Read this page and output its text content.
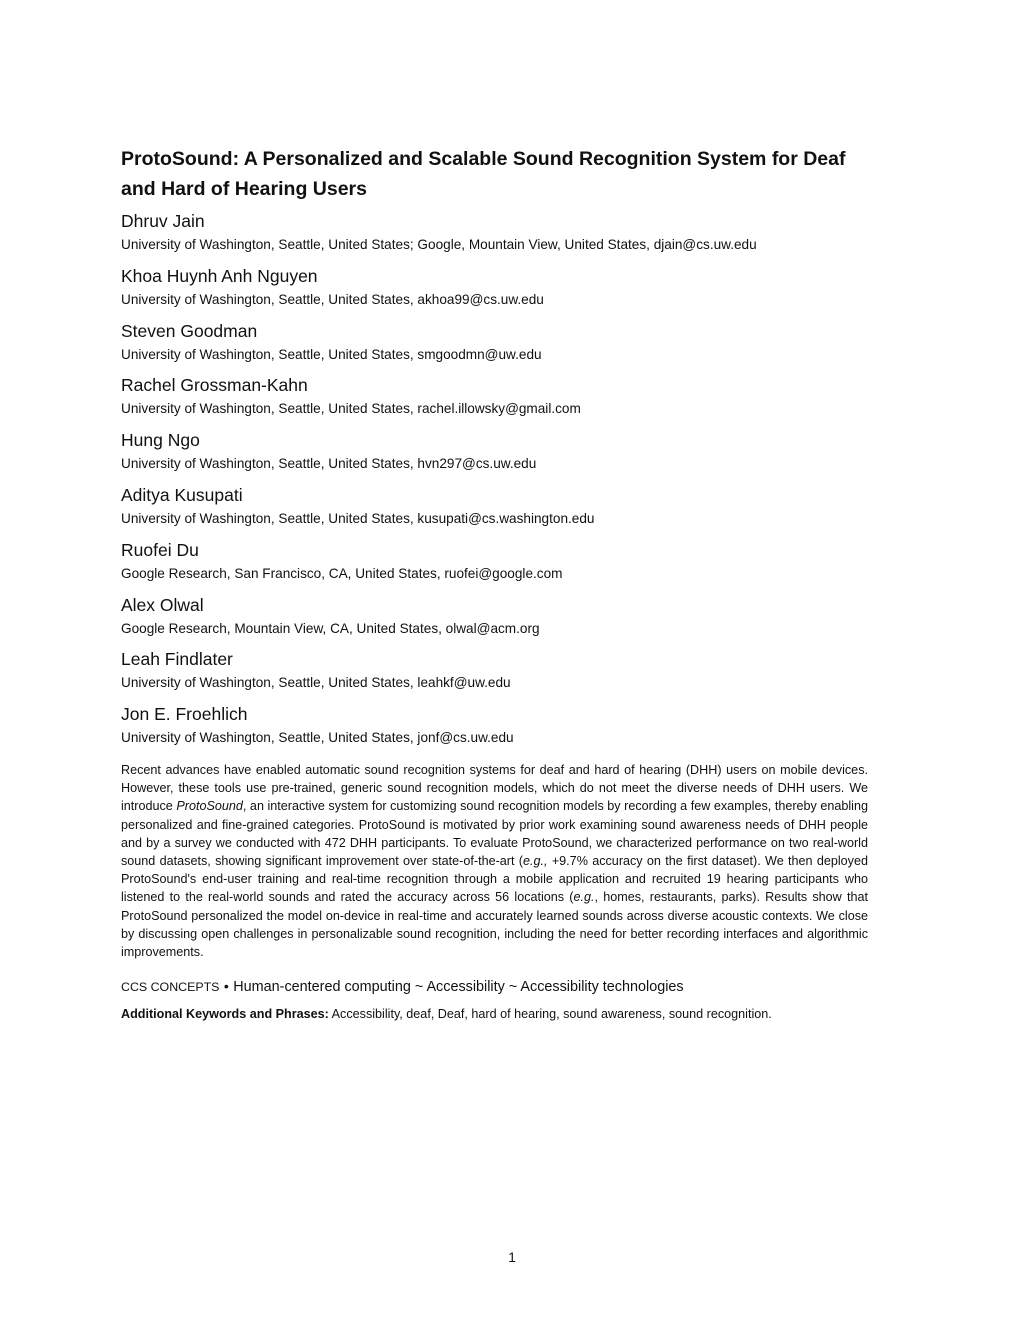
ProtoSound: A Personalized and Scalable Sound Recognition System for Deaf and Hard of Hearing Users
Dhruv Jain
University of Washington, Seattle, United States; Google, Mountain View, United States, djain@cs.uw.edu
Khoa Huynh Anh Nguyen
University of Washington, Seattle, United States, akhoa99@cs.uw.edu
Steven Goodman
University of Washington, Seattle, United States, smgoodmn@uw.edu
Rachel Grossman-Kahn
University of Washington, Seattle, United States, rachel.illowsky@gmail.com
Hung Ngo
University of Washington, Seattle, United States, hvn297@cs.uw.edu
Aditya Kusupati
University of Washington, Seattle, United States, kusupati@cs.washington.edu
Ruofei Du
Google Research, San Francisco, CA, United States, ruofei@google.com
Alex Olwal
Google Research, Mountain View, CA, United States, olwal@acm.org
Leah Findlater
University of Washington, Seattle, United States, leahkf@uw.edu
Jon E. Froehlich
University of Washington, Seattle, United States, jonf@cs.uw.edu

Recent advances have enabled automatic sound recognition systems for deaf and hard of hearing (DHH) users on mobile devices. However, these tools use pre-trained, generic sound recognition models, which do not meet the diverse needs of DHH users. We introduce ProtoSound, an interactive system for customizing sound recognition models by recording a few examples, thereby enabling personalized and fine-grained categories. ProtoSound is motivated by prior work examining sound awareness needs of DHH people and by a survey we conducted with 472 DHH participants. To evaluate ProtoSound, we characterized performance on two real-world sound datasets, showing significant improvement over state-of-the-art (e.g., +9.7% accuracy on the first dataset). We then deployed ProtoSound's end-user training and real-time recognition through a mobile application and recruited 19 hearing participants who listened to the real-world sounds and rated the accuracy across 56 locations (e.g., homes, restaurants, parks). Results show that ProtoSound personalized the model on-device in real-time and accurately learned sounds across diverse acoustic contexts. We close by discussing open challenges in personalizable sound recognition, including the need for better recording interfaces and algorithmic improvements.

CCS CONCEPTS • Human-centered computing ~ Accessibility ~ Accessibility technologies
Additional Keywords and Phrases: Accessibility, deaf, Deaf, hard of hearing, sound awareness, sound recognition.
1
